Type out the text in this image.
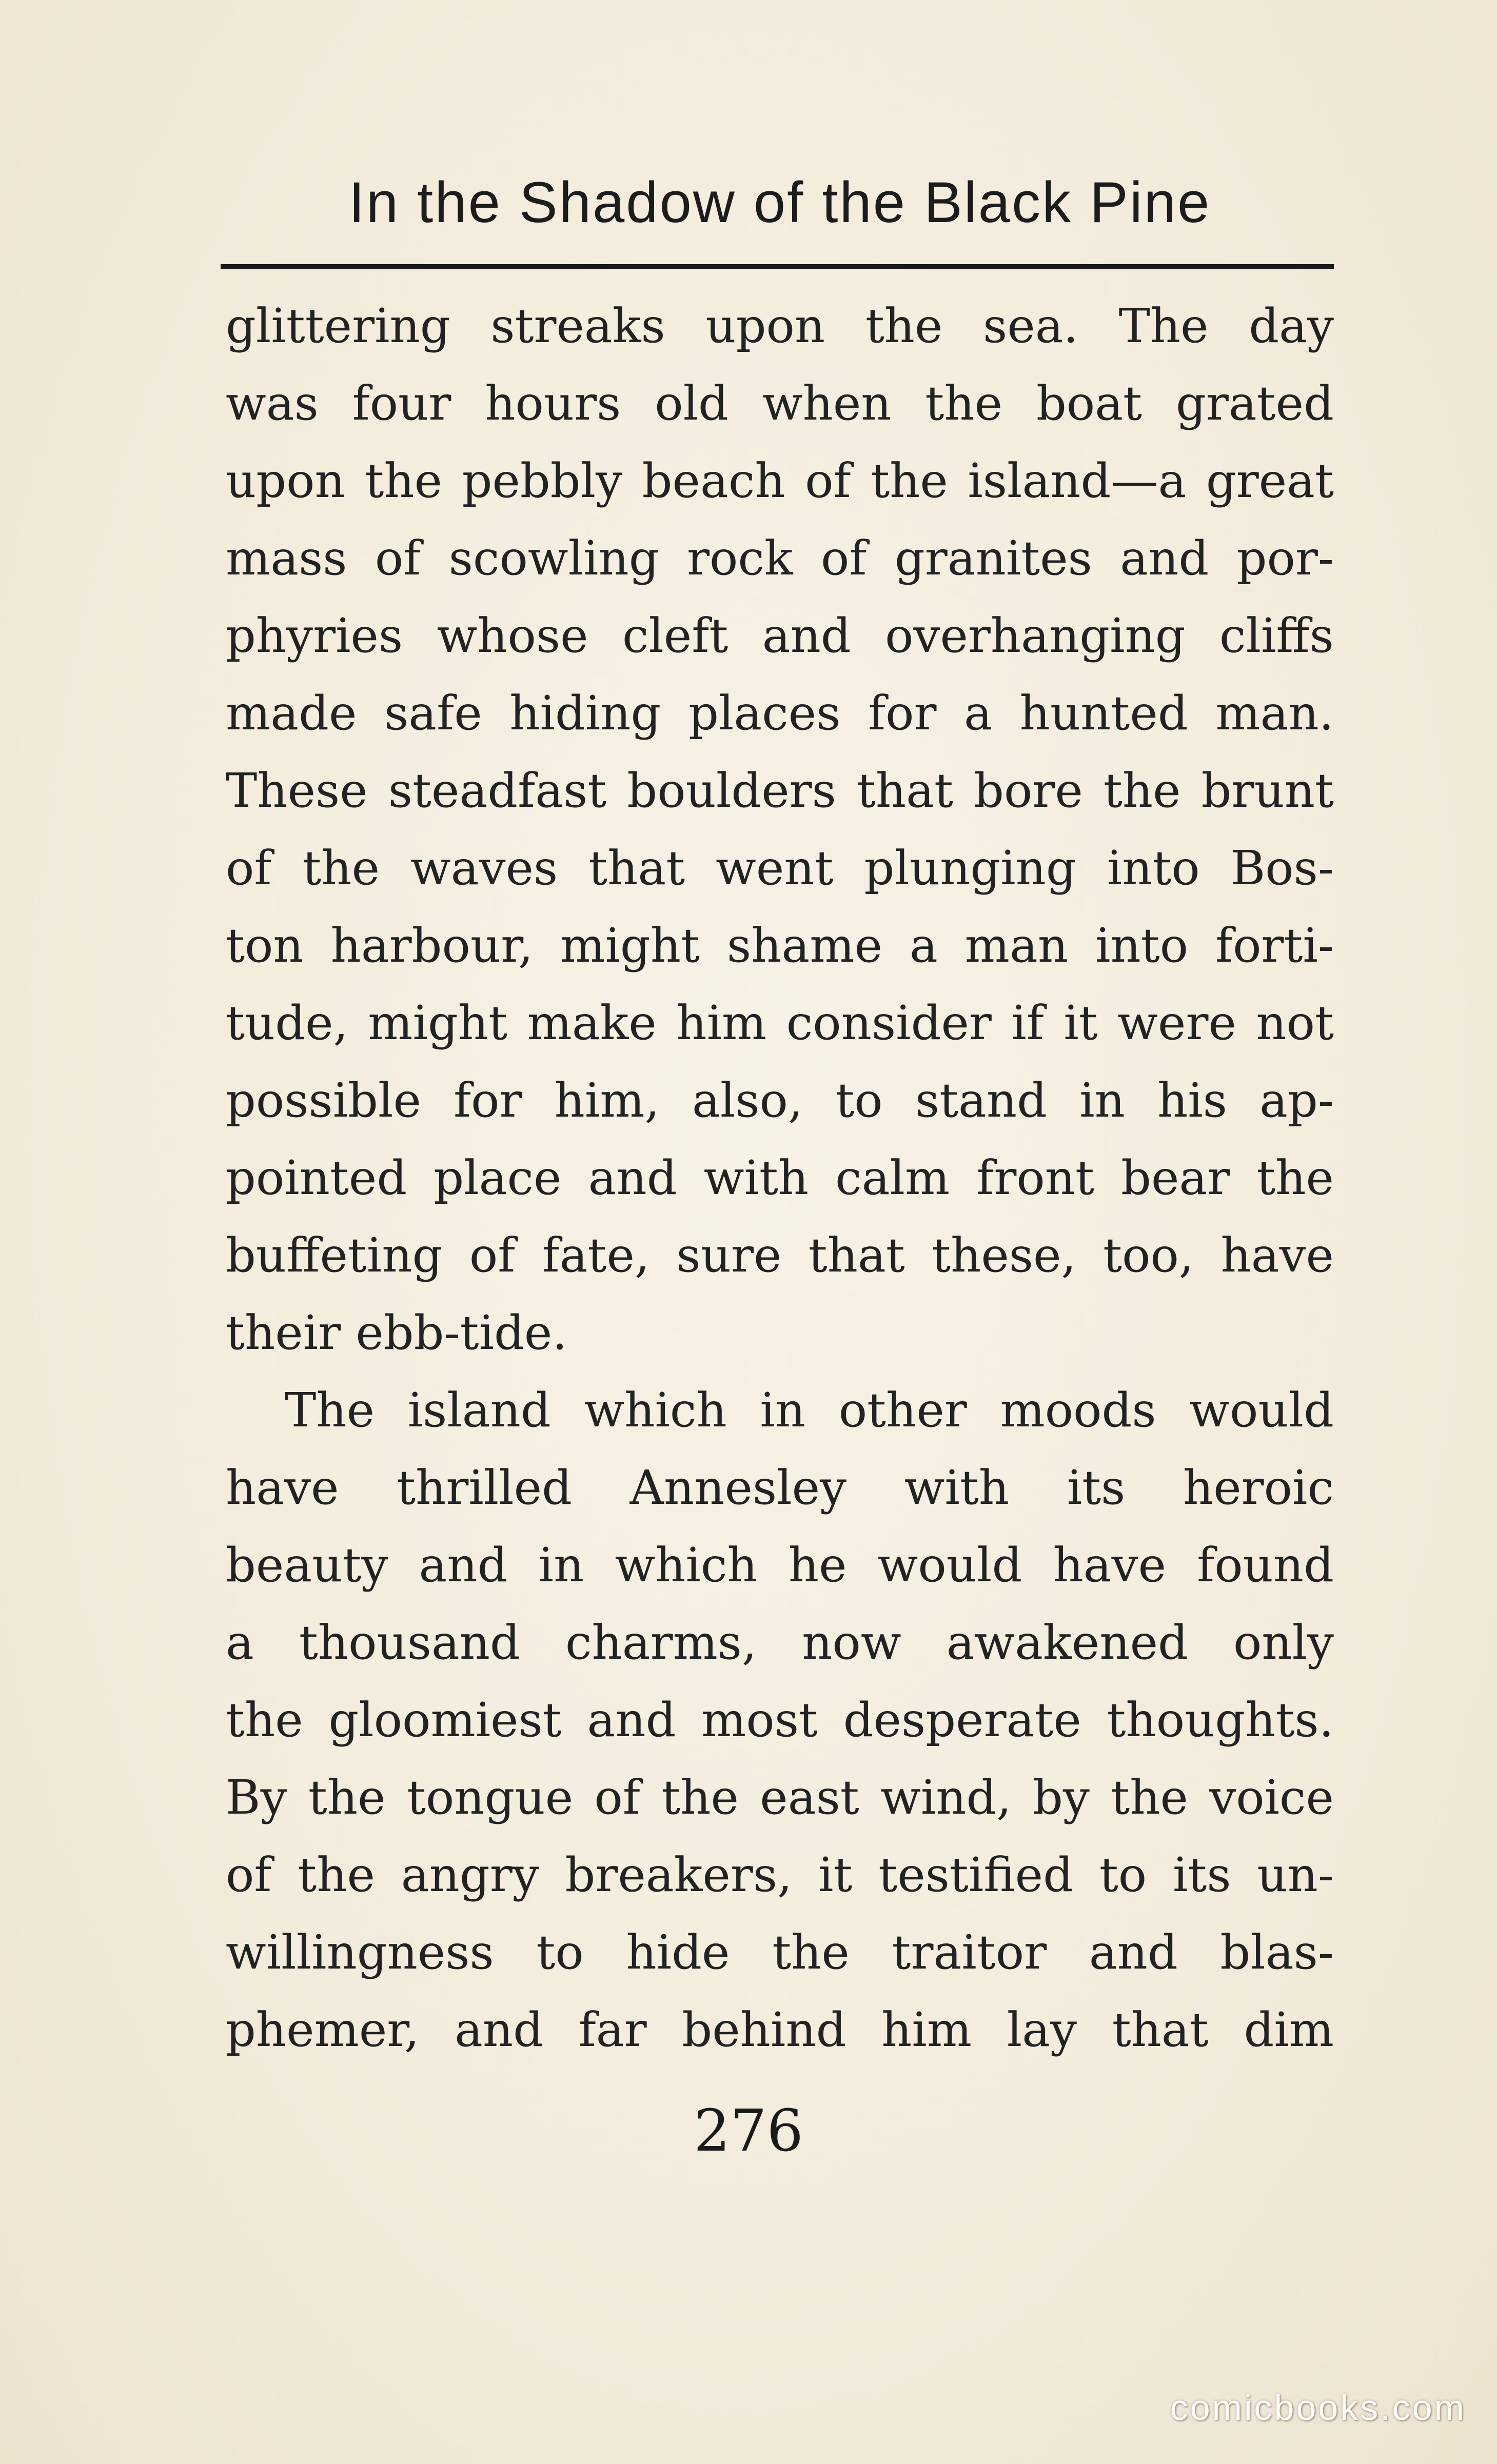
In the Shadow of the Black Pine
glittering streaks upon the sea. The day
was four hours old when the boat grated
upon the pebbly beach of the island—a great
mass of scowling rock of granites and por-
phyries whose cleft and overhanging cliffs
made safe hiding places for a hunted man.
These steadfast boulders that bore the brunt
of the waves that went plunging into Bos-
ton harbour, might shame a man into forti-
tude, might make him consider if it were not
possible for him, also, to stand in his ap-
pointed place and with calm front bear the
buffeting of fate, sure that these, too, have
their ebb-tide.
The island which in other moods would
have thrilled Annesley with its heroic
beauty and in which he would have found
a thousand charms, now awakened only
the gloomiest and most desperate thoughts.
By the tongue of the east wind, by the voice
of the angry breakers, it testified to its un-
willingness to hide the traitor and blas-
phemer, and far behind him lay that dim
276
comicbooks.com
